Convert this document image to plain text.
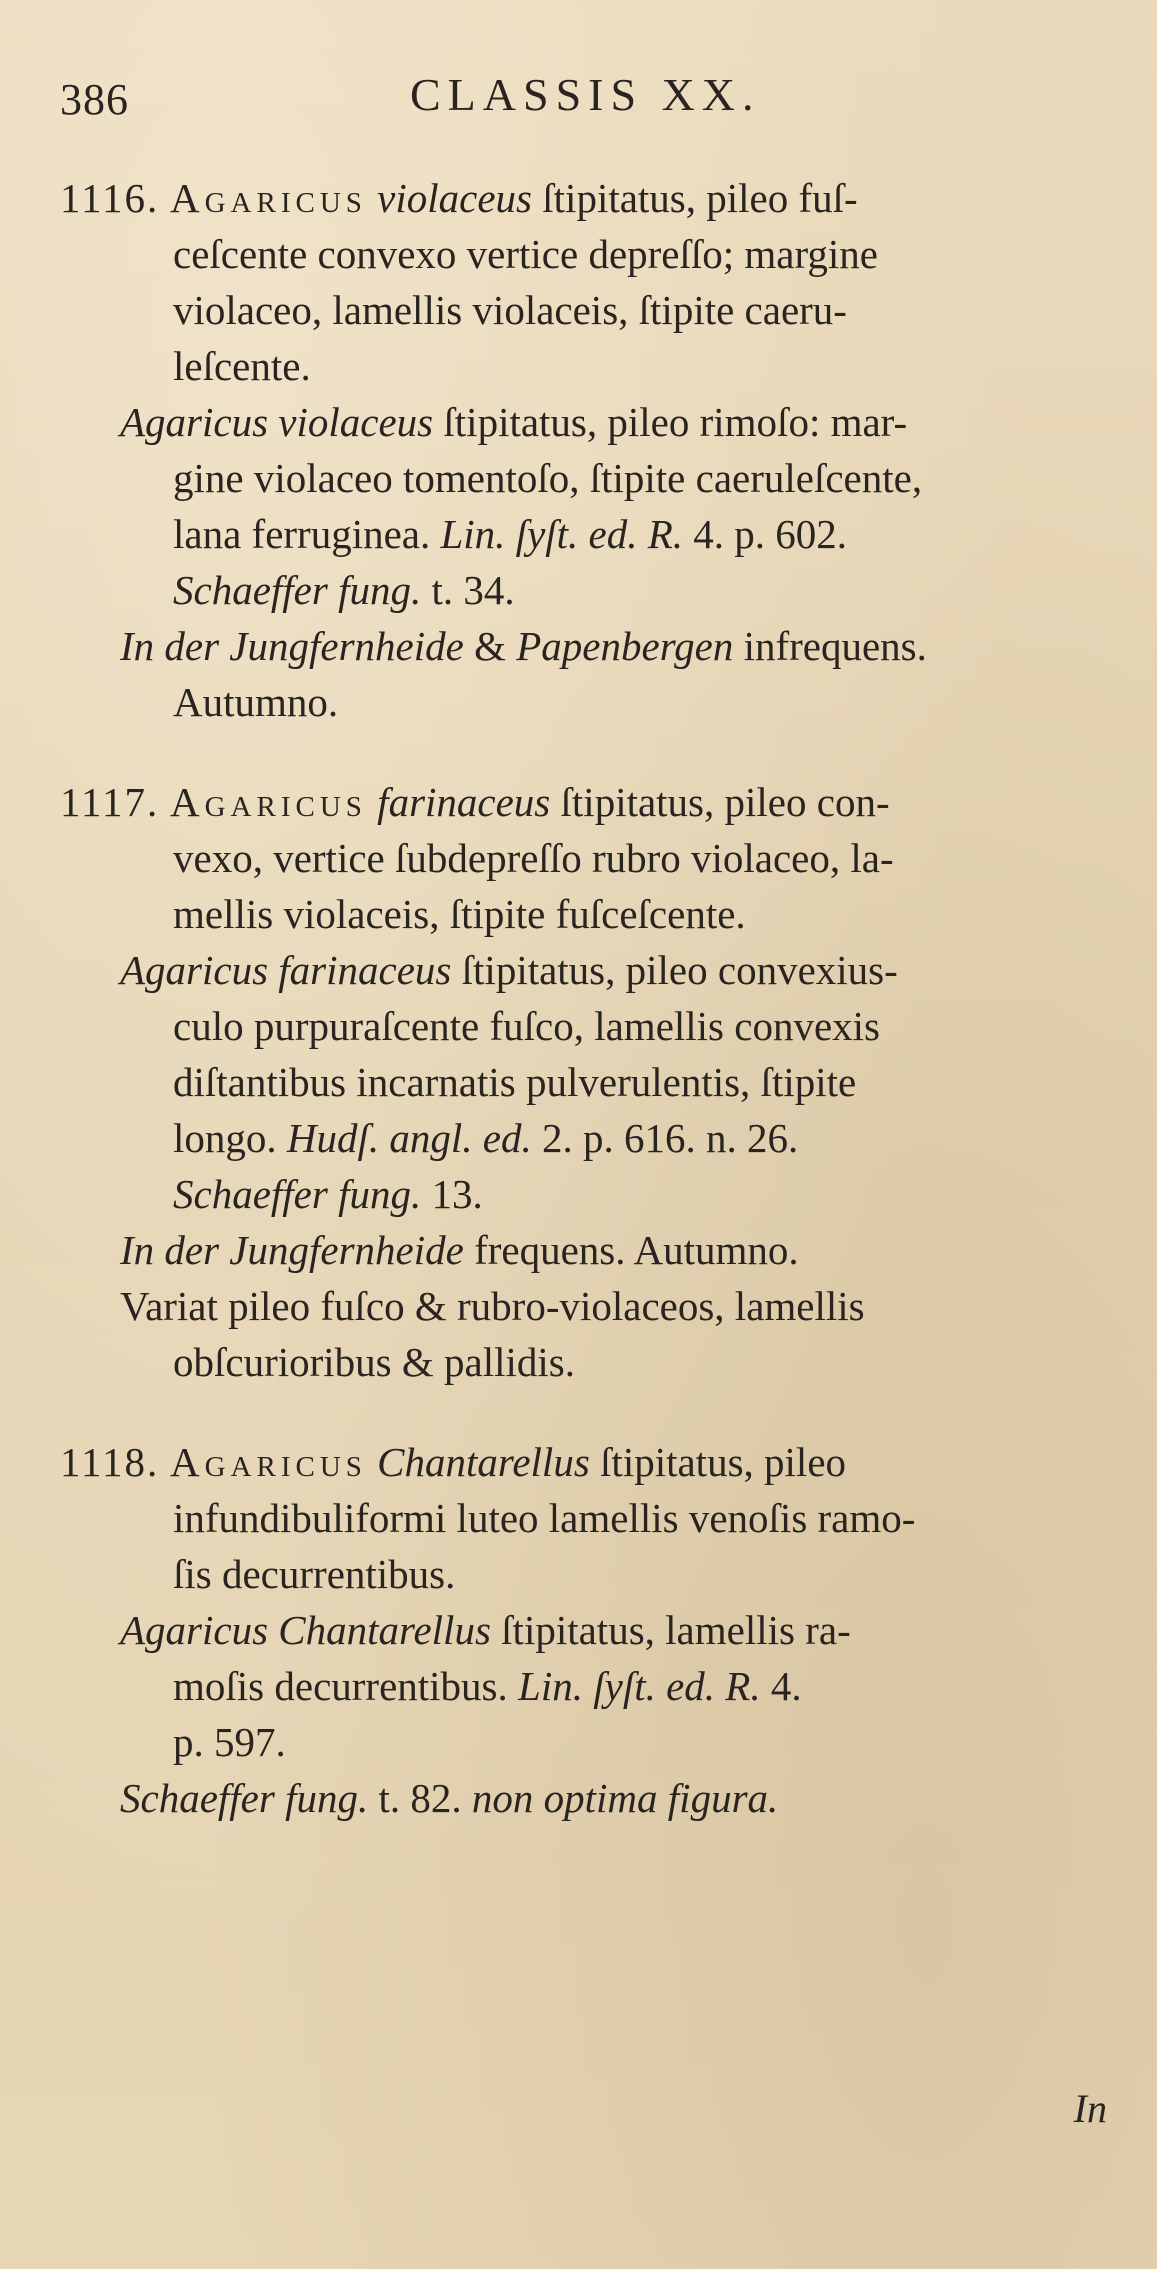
386	CLASSIS XX.
1116. Agaricus violaceus ſtipitatus, pileo fuſ-
ceſcente convexo vertice depreſſo; margine
violaceo, lamellis violaceis, ſtipite caeru-
leſcente.
Agaricus violaceus ſtipitatus, pileo rimoſo: mar-
gine violaceo tomentoſo, ſtipite caeruleſcente,
lana ferruginea. Lin. ſyſt. ed. R. 4. p. 602.
Schaeffer fung. t. 34.
In der Jungfernheide & Papenbergen infrequens.
Autumno.
1117. Agaricus farinaceus ſtipitatus, pileo con-
vexo, vertice ſubdepreſſo rubro violaceo, la-
mellis violaceis, ſtipite fuſceſcente.
Agaricus farinaceus ſtipitatus, pileo convexius-
culo purpuraſcente fuſco, lamellis convexis
diſtantibus incarnatis pulverulentis, ſtipite
longo. Hudſ. angl. ed. 2. p. 616. n. 26.
Schaeffer fung. 13.
In der Jungfernheide frequens. Autumno.
Variat pileo fuſco & rubro-violaceos, lamellis
obſcurioribus & pallidis.
1118. Agaricus Chantarellus ſtipitatus, pileo
infundibuliformi luteo lamellis venoſis ramo-
ſis decurrentibus.
Agaricus Chantarellus ſtipitatus, lamellis ra-
moſis decurrentibus. Lin. ſyſt. ed. R. 4.
p. 597.
Schaeffer fung. t. 82. non optima figura.
In
